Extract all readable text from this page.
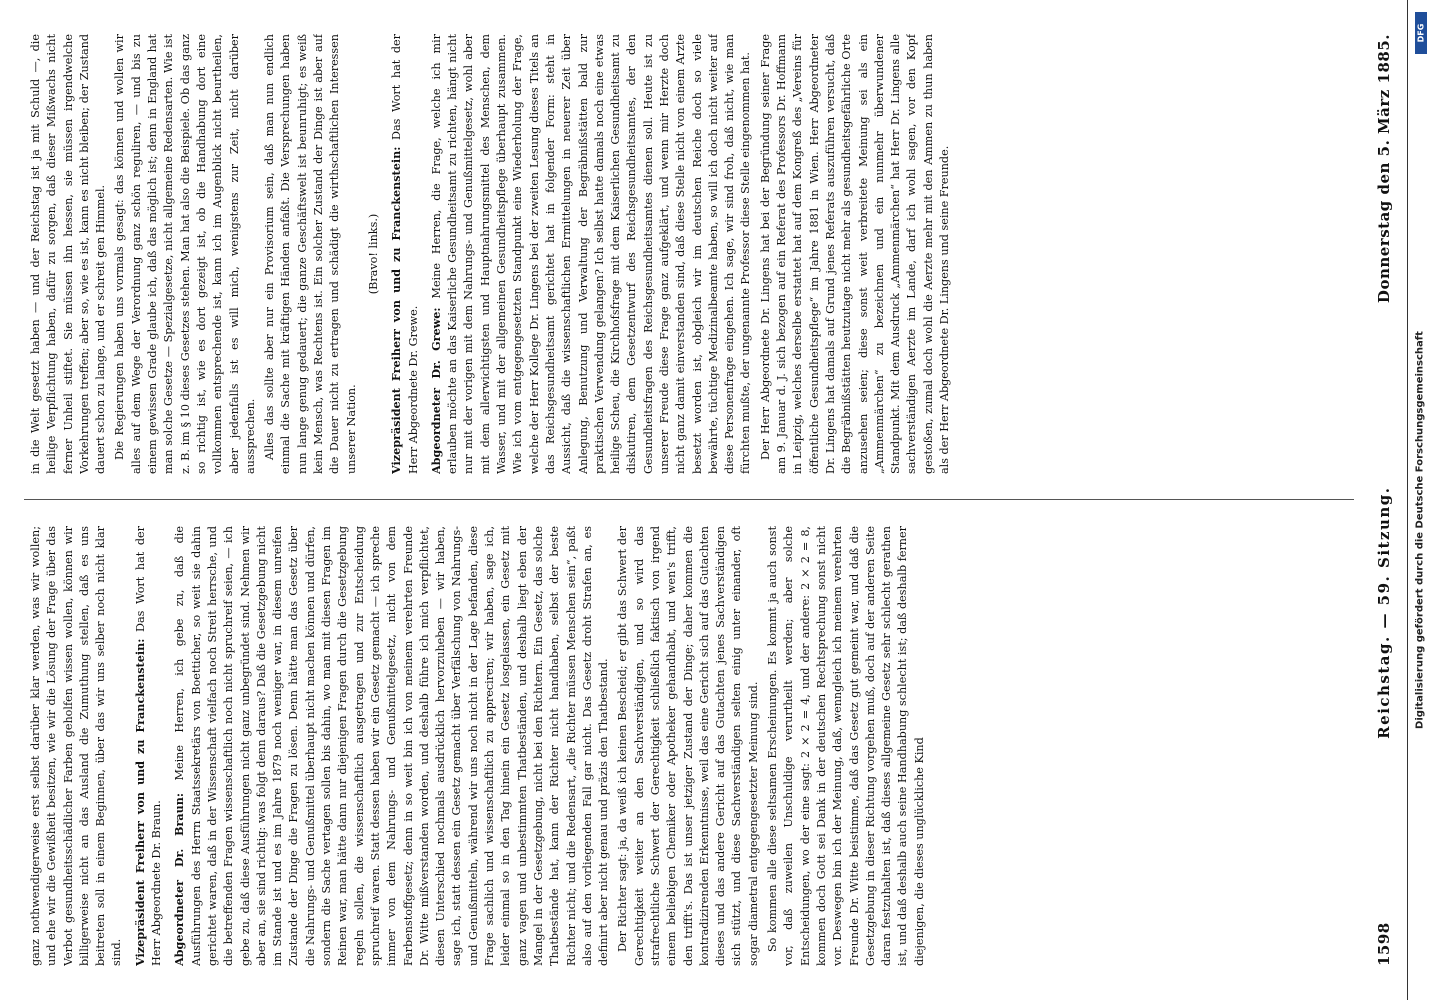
1598
Reichstag. — 59. Sitzung.
Donnerstag den 5. März 1885.

ganz nothwendigerweise erst selbst darüber klar werden, was wir wollen; und ehe wir die Gewißheit besitzen, wie wir die Lösung der Frage über das Verbot gesundheitsschädlicher Farben geholfen wissen wollen, können wir billigerweise nicht an das Ausland die Zumuthung stellen, daß es uns beitreten soll in einem Beginnen, über das wir uns selber noch nicht klar sind. Vizepräsident Freiherr von und zu Franckenstein: Das Wort hat der Herr Abgeordnete Dr. Braun. Abgeordneter Dr. Braun: Meine Herren, ich gebe zu, daß die Ausführungen des Herrn Staatssekretärs von Boetticher, so weit sie dahin gerichtet waren, daß in der Wissenschaft vielfach noch Streit herrsche, und die betreffenden Fragen wissenschaftlich noch nicht spruchreif seien, — ich gebe zu, daß diese Ausführungen nicht ganz unbegründet sind. Nehmen wir aber an, sie sind richtig: was folgt denn daraus? Daß die Gesetzgebung nicht im Stande ist und es im Jahre 1879 noch weniger war, in diesem unreifen Zustande der Dinge die Fragen zu lösen. Denn hätte man das Gesetz über die Nahrungs- und Genußmittel überhaupt nicht machen können und dürfen, sondern die Sache vertagen sollen bis dahin, wo man mit diesen Fragen im Reinen war, man hätte dann nur diejenigen Fragen durch die Gesetzgebung regeln sollen, die wissenschaftlich ausgetragen und zur Entscheidung spruchreif waren. Statt dessen haben wir ein Gesetz gemacht — ich spreche immer von dem Nahrungs- und Genußmittelgesetz, nicht von dem Farbenstoffgesetz; denn in so weit bin ich von meinem verehrten Freunde Dr. Witte mißverstanden worden, und deshalb führe ich mich verpflichtet, diesen Unterschied nochmals ausdrücklich hervorzuheben — wir haben, sage ich, statt dessen ein Gesetz gemacht über Verfälschung von Nahrungs- und Genußmitteln, während wir uns noch nicht in der Lage befanden, diese Frage sachlich und wissenschaftlich zu appreciren; wir haben, sage ich, leider einmal so in den Tag hinein ein Gesetz losgelassen, ein Gesetz mit ganz vagen und unbestimmten Thatbeständen, und deshalb liegt eben der Mangel in der Gesetzgebung, nicht bei den Richtern. Ein Gesetz, das solche Thatbestände hat, kann der Richter nicht handhaben, selbst der beste Richter nicht; und die Redensart, „die Richter müssen Menschen sein“, paßt also auf den vorliegenden Fall gar nicht. Das Gesetz droht Strafen an, es definirt aber nicht genau und präzis den Thatbestand. Der Richter sagt: ja, da weiß ich keinen Bescheid; er gibt das Schwert der Gerechtigkeit weiter an den Sachverständigen, und so wird das strafrechtliche Schwert der Gerechtigkeit schließlich faktisch von irgend einem beliebigen Chemiker oder Apotheker gehandhabt, und wen's trifft, den trifft's. Das ist unser jetziger Zustand der Dinge; daher kommen die kontradizirenden Erkenntnisse, weil das eine Gericht sich auf das Gutachten dieses und das andere Gericht auf das Gutachten jenes Sachverständigen sich stützt, und diese Sachverständigen selten einig unter einander, oft sogar diametral entgegengesetzter Meinung sind. So kommen alle diese seltsamen Erscheinungen. Es kommt ja auch sonst vor, daß zuweilen Unschuldige verurtheilt werden; aber solche Entscheidungen, wo der eine sagt: 2 × 2 = 4, und der andere: 2 × 2 = 8, kommen doch Gott sei Dank in der deutschen Rechtsprechung sonst nicht vor. Deswegen bin ich der Meinung, daß, wenngleich ich meinem verehrten Freunde Dr. Witte beistimme, daß das Gesetz gut gemeint war, und daß die Gesetzgebung in dieser Richtung vorgehen muß, doch auf der anderen Seite daran festzuhalten ist, daß dieses allgemeine Gesetz sehr schlecht gerathen ist, und daß deshalb auch seine Handhabung schlecht ist; daß deshalb ferner diejenigen, die dieses unglückliche Kind

in die Welt gesetzt haben — und der Reichstag ist ja mit Schuld —, die heilige Verpflichtung haben, dafür zu sorgen, daß dieser Mißwachs nicht ferner Unheil stiftet. Sie müssen ihn hessen, sie müssen irgendwelche Vorkehrungen treffen; aber so, wie es ist, kann es nicht bleiben; der Zustand dauert schon zu lange, und er schreit gen Himmel. Die Regierungen haben uns vormals gesagt: das können und wollen wir alles auf dem Wege der Verordnung ganz schön reguliren, — und bis zu einem gewissen Grade glaube ich, daß das möglich ist; denn in England hat man solche Gesetze — Spezialgesetze, nicht allgemeine Redensarten. Wie ist z. B. im § 10 dieses Gesetzes stehen. Man hat also die Beispiele. Ob das ganz so richtig ist, wie es dort gezeigt ist, ob die Handhabung dort eine vollkommen entsprechende ist, kann ich im Augenblick nicht beurtheilen, aber jedenfalls ist es will mich, wenigstens zur Zeit, nicht darüber aussprechen. Alles das sollte aber nur ein Provisorium sein, daß man nun endlich einmal die Sache mit kräftigen Händen anfaßt. Die Versprechungen haben nun lange genug gedauert; die ganze Geschäftswelt ist beunruhigt; es weiß kein Mensch, was Rechtens ist. Ein solcher Zustand der Dinge ist aber auf die Dauer nicht zu ertragen und schädigt die wirthschaftlichen Interessen unserer Nation.

(Bravo! links.) Vizepräsident Freiherr von und zu Franckenstein: Das Wort hat der Herr Abgeordnete Dr. Grewe. Abgeordneter Dr. Grewe: Meine Herren, die Frage, welche ich mir erlauben möchte an das Kaiserliche Gesundheitsamt zu richten, hängt nicht nur mit der vorigen mit dem Nahrungs- und Genußmittelgesetz, wohl aber mit dem allerwichtigsten und Hauptnahrungsmittel des Menschen, dem Wasser, und mit der allgemeinen Gesundheitspflege überhaupt zusammen. Wie ich vom entgegengesetzten Standpunkt eine Wiederholung der Frage, welche der Herr Kollege Dr. Lingens bei der zweiten Lesung dieses Titels an das Reichsgesundheitsamt gerichtet hat in folgender Form: steht in Aussicht, daß die wissenschaftlichen Ermittelungen in neuerer Zeit über Anlegung, Benutzung und Verwaltung der Begräbnißstätten bald zur praktischen Verwendung gelangen? Ich selbst hatte damals noch eine etwas heilige Scheu, die Kirchhofsfrage mit dem Kaiserlichen Gesundheitsamt zu diskutiren, dem Gesetzentwurf des Reichsgesundheitsamtes, der den Gesundheitsfragen des Reichsgesundheitsamtes dienen soll. Heute ist zu unserer Freude diese Frage ganz aufgeklärt, und wenn mir Herzte doch nicht ganz damit einverstanden sind, daß diese Stelle nicht von einem Arzte besetzt worden ist, obgleich wir im deutschen Reiche doch so viele bewährte, tüchtige Medizinalbeamte haben, so will ich doch nicht weiter auf diese Personenfrage eingehen. Ich sage, wir sind froh, daß nicht, wie man fürchten mußte, der ungenannte Professor diese Stelle eingenommen hat. Der Herr Abgeordnete Dr. Lingens hat bei der Begründung seiner Frage am 9. Januar d. J. sich bezogen auf ein Referat des Professors Dr. Hoffmann in Leipzig, welches derselbe erstattet hat auf dem Kongreß des „Vereins für öffentliche Gesundheitspflege“ im Jahre 1881 in Wien. Herr Abgeordneter Dr. Lingens hat damals auf Grund jenes Referats auszuführen versucht, daß die Begräbnißstätten heutzutage nicht mehr als gesundheitsgefährliche Orte anzusehen seien; diese sonst weit verbreitete Meinung sei als ein „Ammenmärchen“ zu bezeichnen und ein nunmehr überwundener Standpunkt. Mit dem Ausdruck „Ammenmärchen“ hat Herr Dr. Lingens alle sachverständigen Aerzte im Lande, darf ich wohl sagen, vor den Kopf gestoßen, zumal doch wohl die Aerzte mehr mit den Ammen zu thun haben als der Herr Abgeordnete Dr. Lingens und seine Freunde.

DFG
Digitalisierung gefördert durch die Deutsche Forschungsgemeinschaft
